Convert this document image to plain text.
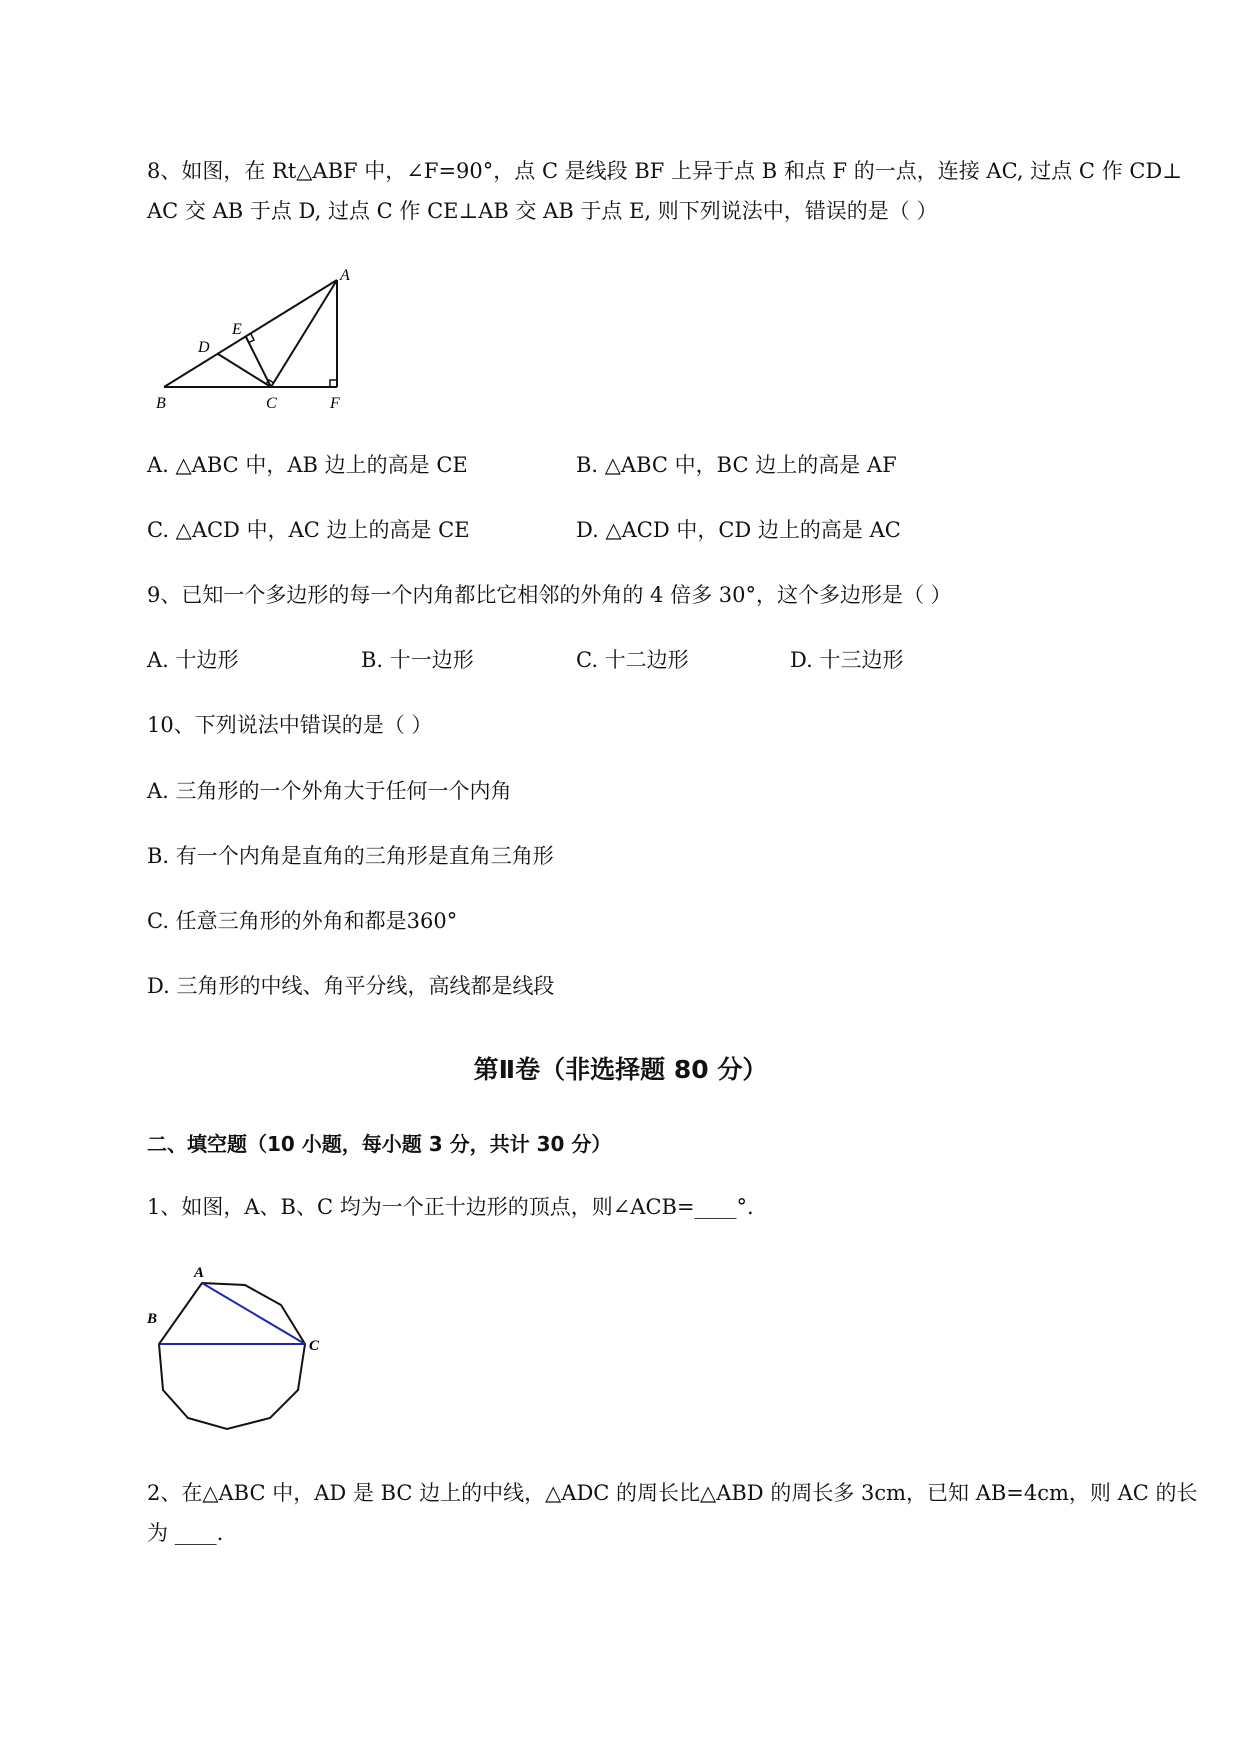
8、如图，在 Rt△ABF 中，∠F=90°，点 C 是线段 BF 上异于点 B 和点 F 的一点，连接 AC, 过点 C 作 CD⊥
AC 交 AB 于点 D, 过点 C 作 CE⊥AB 交 AB 于点 E, 则下列说法中，错误的是（ ）
A
B	C
D
E
F
A. △ABC 中，AB 边上的高是 CE	B. △ABC 中，BC 边上的高是 AF
C. △ACD 中，AC 边上的高是 CE	D. △ACD 中，CD 边上的高是 AC
9、已知一个多边形的每一个内角都比它相邻的外角的 4 倍多 30°，这个多边形是（ ）
A. 十边形	B. 十一边形	C. 十二边形	D. 十三边形
10、下列说法中错误的是（ ）
A. 三角形的一个外角大于任何一个内角
B. 有一个内角是直角的三角形是直角三角形
C. 任意三角形的外角和都是360°
D. 三角形的中线、角平分线，高线都是线段
第Ⅱ卷（非选择题 80 分）
二、填空题（10 小题，每小题 3 分，共计 30 分）
1、如图，A、B、C 均为一个正十边形的顶点，则∠ACB=____°.
A
B
C
2、在△ABC 中，AD 是 BC 边上的中线，△ADC 的周长比△ABD 的周长多 3cm，已知 AB=4cm，则 AC 的长
为 ____.
